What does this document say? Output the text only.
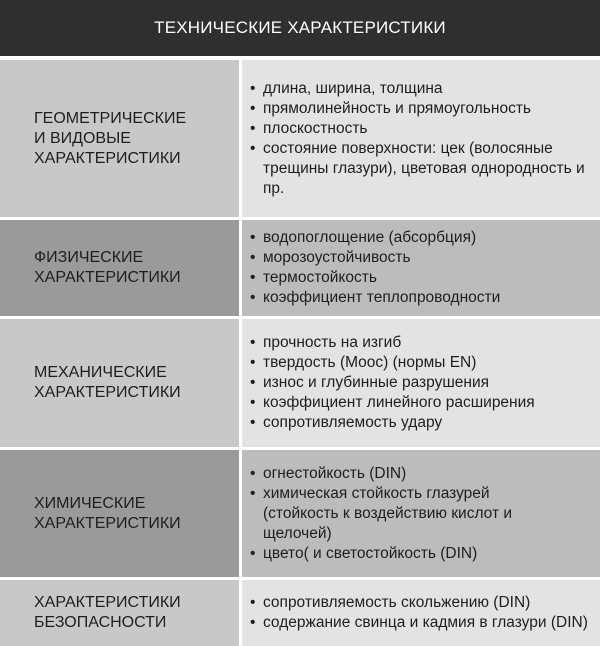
ТЕХНИЧЕСКИЕ ХАРАКТЕРИСТИКИ
ГЕОМЕТРИЧЕСКИЕ
И ВИДОВЫЕ
ХАРАКТЕРИСТИКИ
• длина, ширина, толщина
• прямолинейность и прямоугольность
• плоскостность
• состояние поверхности: цек (волосяные трещины глазури), цветовая однородность и пр.
ФИЗИЧЕСКИЕ
ХАРАКТЕРИСТИКИ
• водопоглощение (абсорбция)
• морозоустойчивость
• термостойкость
• коэффициент теплопроводности
МЕХАНИЧЕСКИЕ
ХАРАКТЕРИСТИКИ
• прочность на изгиб
• твердость (Моос) (нормы EN)
• износ и глубинные разрушения
• коэффициент линейного расширения
• сопротивляемость удару
ХИМИЧЕСКИЕ
ХАРАКТЕРИСТИКИ
• огнестойкость (DIN)
• химическая стойкость глазурей (стойкость к воздействию кислот и щелочей)
• цвето( и светостойкость (DIN)
ХАРАКТЕРИСТИКИ
БЕЗОПАСНОСТИ
• сопротивляемость скольжению (DIN)
• содержание свинца и кадмия в глазури (DIN)
